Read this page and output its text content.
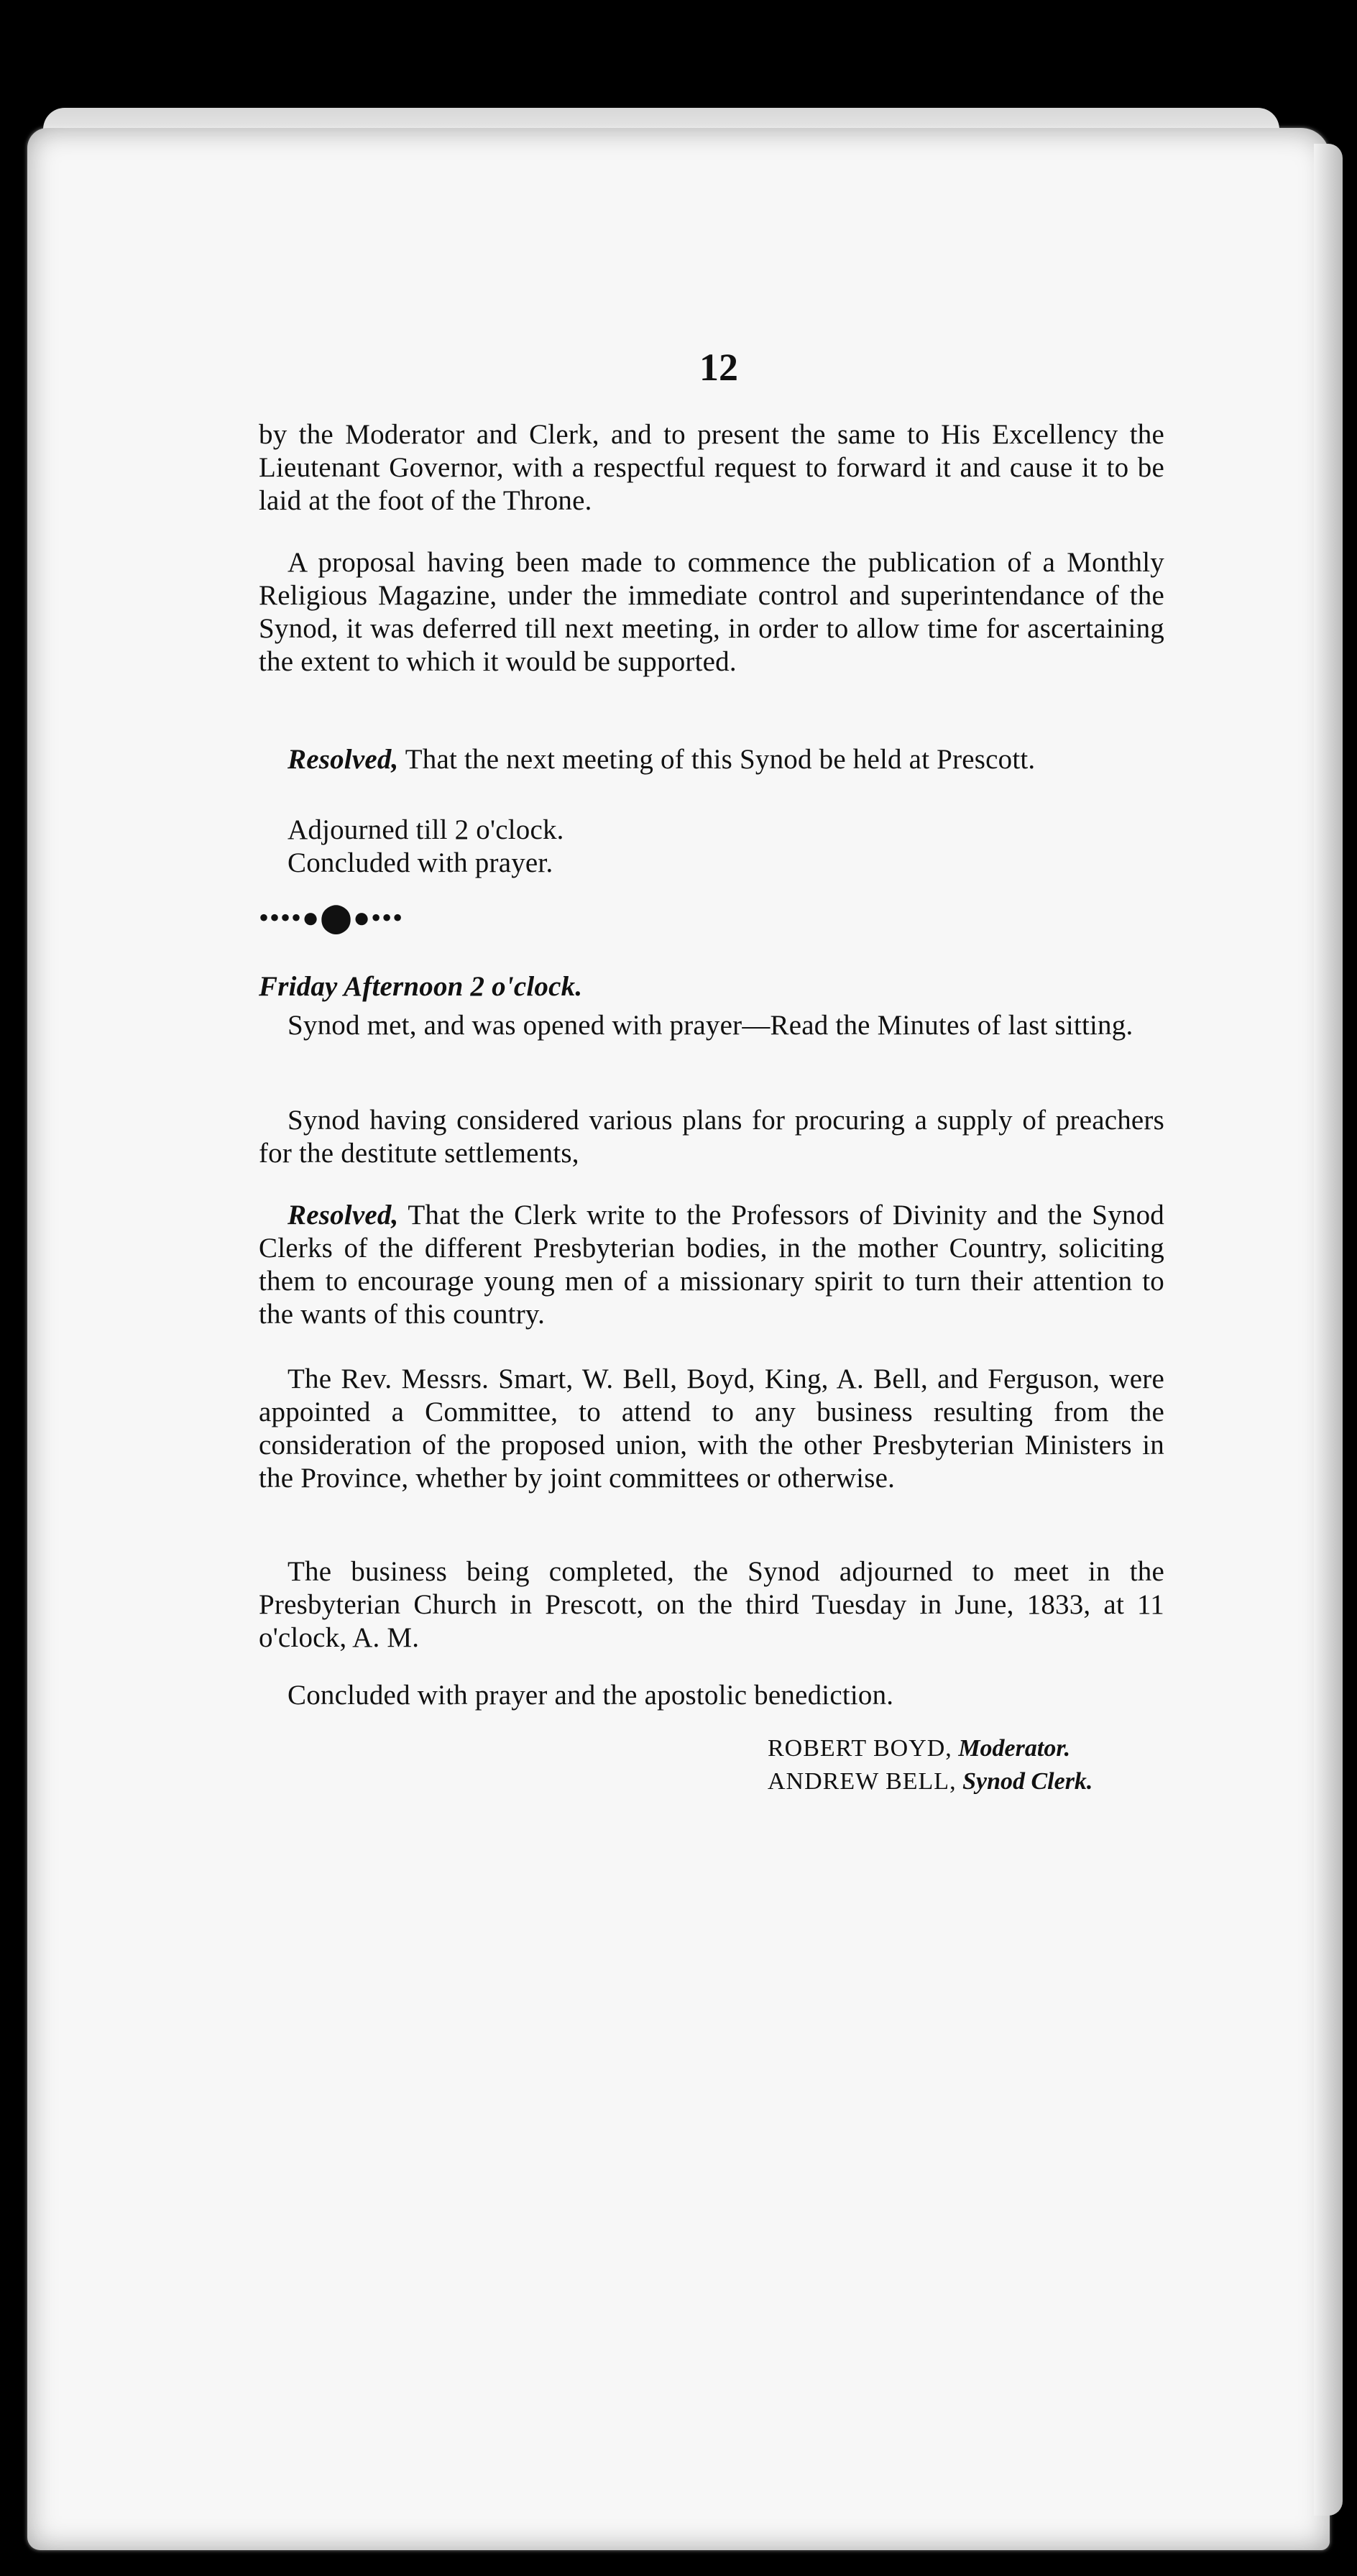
12

by the Moderator and Clerk, and to present the same to His Excellency the Lieutenant Governor, with a respectful request to forward it and cause it to be laid at the foot of the Throne.

A proposal having been made to commence the publication of a Monthly Religious Magazine, under the immediate control and superintendance of the Synod, it was deferred till next meeting, in order to allow time for ascertaining the extent to which it would be supported.

Resolved, That the next meeting of this Synod be held at Prescott.

Adjourned till 2 o'clock.

Concluded with prayer.

••••●⬤●•••

Friday Afternoon 2 o'clock.

Synod met, and was opened with prayer—Read the Minutes of last sitting.

Synod having considered various plans for procuring a supply of preachers for the destitute settlements,

Resolved, That the Clerk write to the Professors of Divinity and the Synod Clerks of the different Presbyterian bodies, in the mother Country, soliciting them to encourage young men of a missionary spirit to turn their attention to the wants of this country.

The Rev. Messrs. Smart, W. Bell, Boyd, King, A. Bell, and Ferguson, were appointed a Committee, to attend to any business resulting from the consideration of the proposed union, with the other Presbyterian Ministers in the Province, whether by joint committees or otherwise.

The business being completed, the Synod adjourned to meet in the Presbyterian Church in Prescott, on the third Tuesday in June, 1833, at 11 o'clock, A. M.

Concluded with prayer and the apostolic benediction.

ROBERT BOYD, Moderator.
ANDREW BELL, Synod Clerk.
